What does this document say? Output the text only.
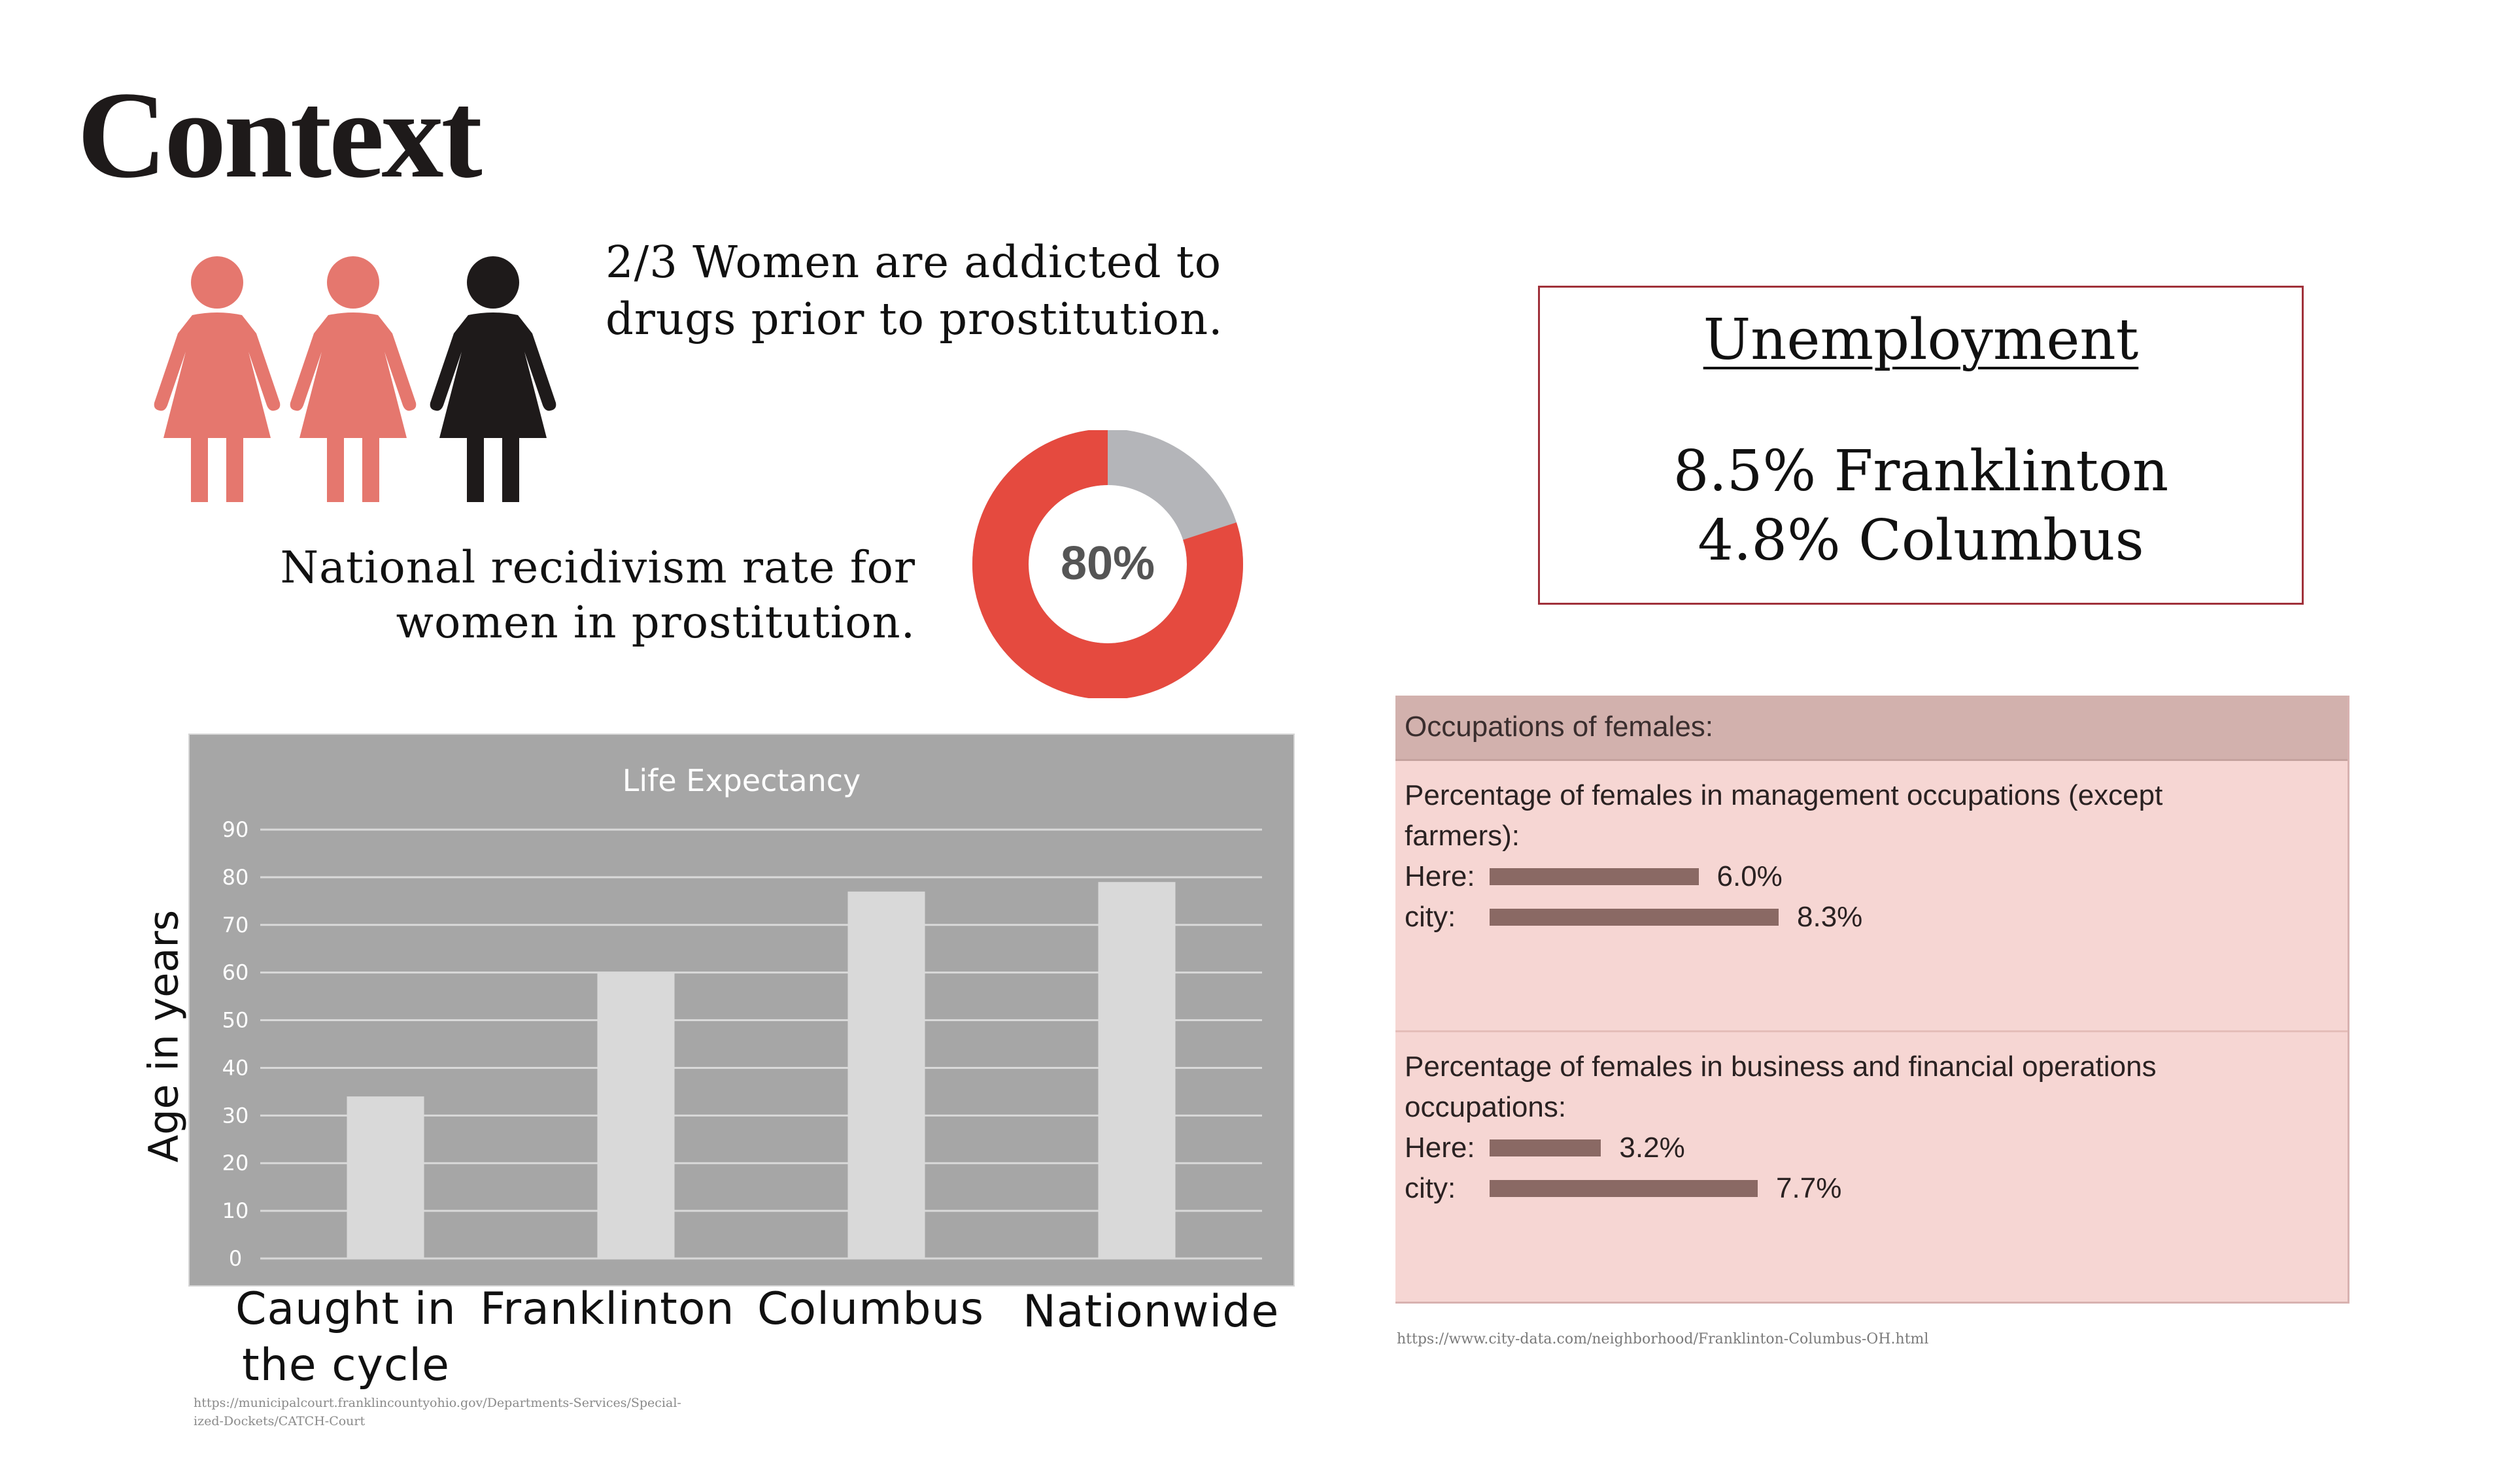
Context
2/3 Women are addicted to
drugs prior to prostitution.
National recidivism rate for
women in prostitution.
80%
Unemployment
8.5% Franklinton
4.8% Columbus
Life Expectancy
0
10
20
30
40
50
60
70
80
90
Age in years
Caught in
the cycle
Franklinton Columbus Nationwide
https://municipalcourt.franklincountyohio.gov/Departments-Services/Special-
ized-Dockets/CATCH-Court
https://www.city-data.com/neighborhood/Franklinton-Columbus-OH.html
Occupations of females:
Percentage of females in management occupations (except
farmers):
Here:	6.0%
city:	8.3%
Percentage of females in business and financial operations
occupations:
Here:	3.2%
city:	7.7%
